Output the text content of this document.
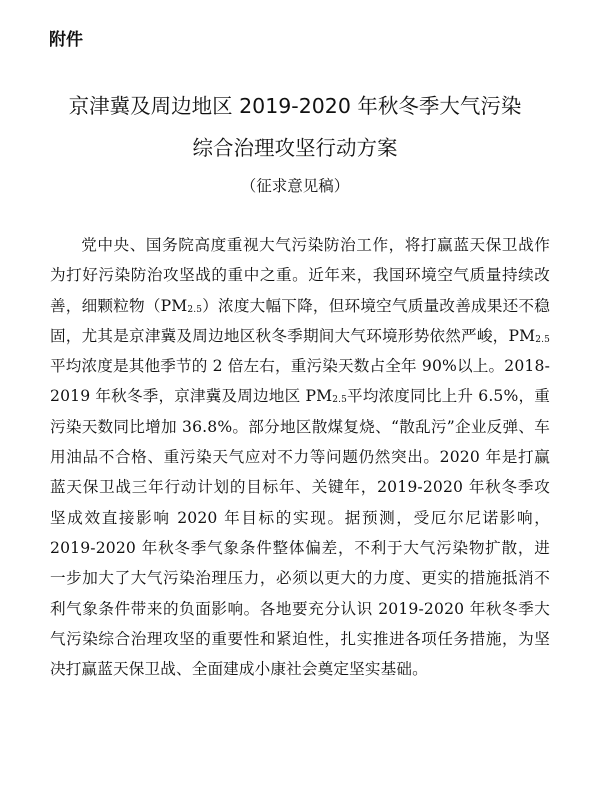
附件
京津冀及周边地区 2019-2020 年秋冬季大气污染
综合治理攻坚行动方案
（征求意见稿）

党中央、国务院高度重视大气污染防治工作，将打赢蓝天保卫战作为打好污染防治攻坚战的重中之重。近年来，我国环境空气质量持续改善，细颗粒物$(PM_{2.5})$浓度大幅下降，但环境空气质量改善成果还不稳固，尤其是京津冀及周边地区秋冬季期间大气环境形势依然严峻，$PM_{2.5}$平均浓度是其他季节的 2 倍左右，重污染天数占全年 90%以上。2018-2019 年秋冬季，京津冀及周边地区 $PM_{2.5}$平均浓度同比上升 6.5%，重污染天数同比增加 36.8%。部分地区散煤复烧、“散乱污”企业反弹、车用油品不合格、重污染天气应对不力等问题仍然突出。2020 年是打赢蓝天保卫战三年行动计划的目标年、关键年，2019-2020 年秋冬季攻坚成效直接影响 2020 年目标的实现。据预测，受厄尔尼诺影响，2019-2020 年秋冬季气象条件整体偏差，不利于大气污染物扩散，进一步加大了大气污染治理压力，必须以更大的力度、更实的措施抵消不利气象条件带来的负面影响。各地要充分认识 2019-2020 年秋冬季大气污染综合治理攻坚的重要性和紧迫性，扎实推进各项任务措施，为坚决打赢蓝天保卫战、全面建成小康社会奠定坚实基础。
